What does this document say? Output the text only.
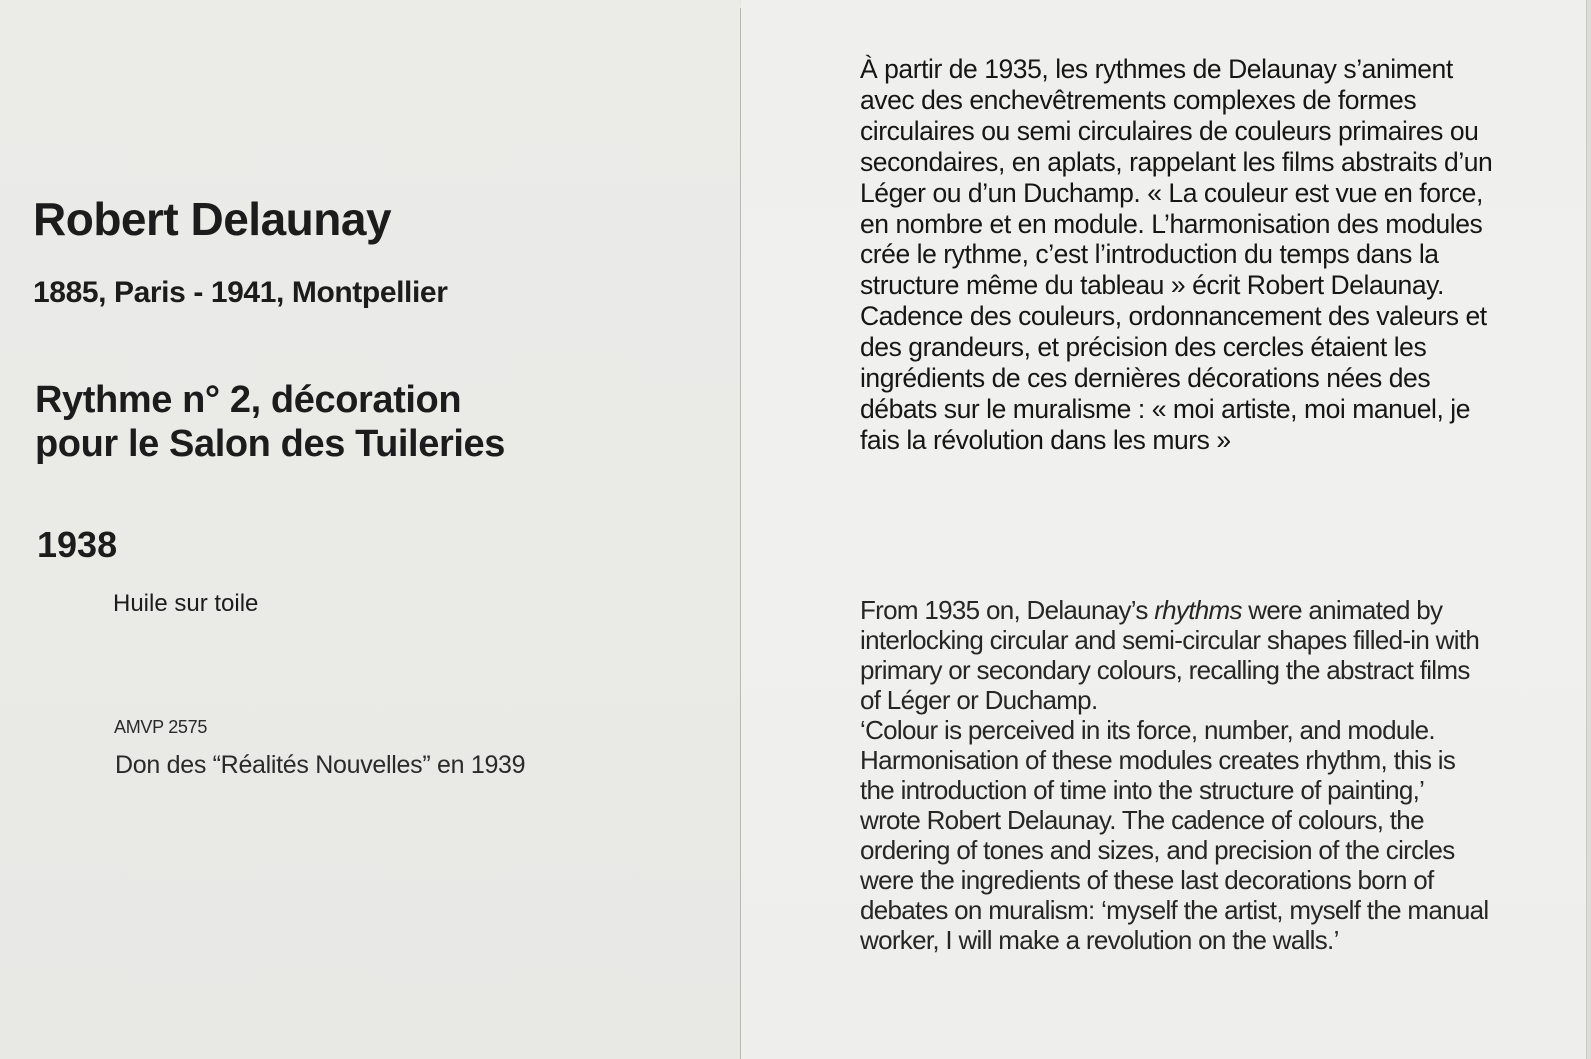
Robert Delaunay
1885, Paris - 1941, Montpellier
Rythme n° 2, décoration
pour le Salon des Tuileries
1938
Huile sur toile
AMVP 2575
Don des “Réalités Nouvelles” en 1939
À partir de 1935, les rythmes de Delaunay s’animent
avec des enchevêtrements complexes de formes
circulaires ou semi circulaires de couleurs primaires ou
secondaires, en aplats, rappelant les films abstraits d’un
Léger ou d’un Duchamp. « La couleur est vue en force,
en nombre et en module. L’harmonisation des modules
crée le rythme, c’est l’introduction du temps dans la
structure même du tableau » écrit Robert Delaunay.
Cadence des couleurs, ordonnancement des valeurs et
des grandeurs, et précision des cercles étaient les
ingrédients de ces dernières décorations nées des
débats sur le muralisme : « moi artiste, moi manuel, je
fais la révolution dans les murs »
From 1935 on, Delaunay’s rhythms were animated by
interlocking circular and semi-circular shapes filled-in with
primary or secondary colours, recalling the abstract films
of Léger or Duchamp.
‘Colour is perceived in its force, number, and module.
Harmonisation of these modules creates rhythm, this is
the introduction of time into the structure of painting,’
wrote Robert Delaunay. The cadence of colours, the
ordering of tones and sizes, and precision of the circles
were the ingredients of these last decorations born of
debates on muralism: ‘myself the artist, myself the manual
worker, I will make a revolution on the walls.’
